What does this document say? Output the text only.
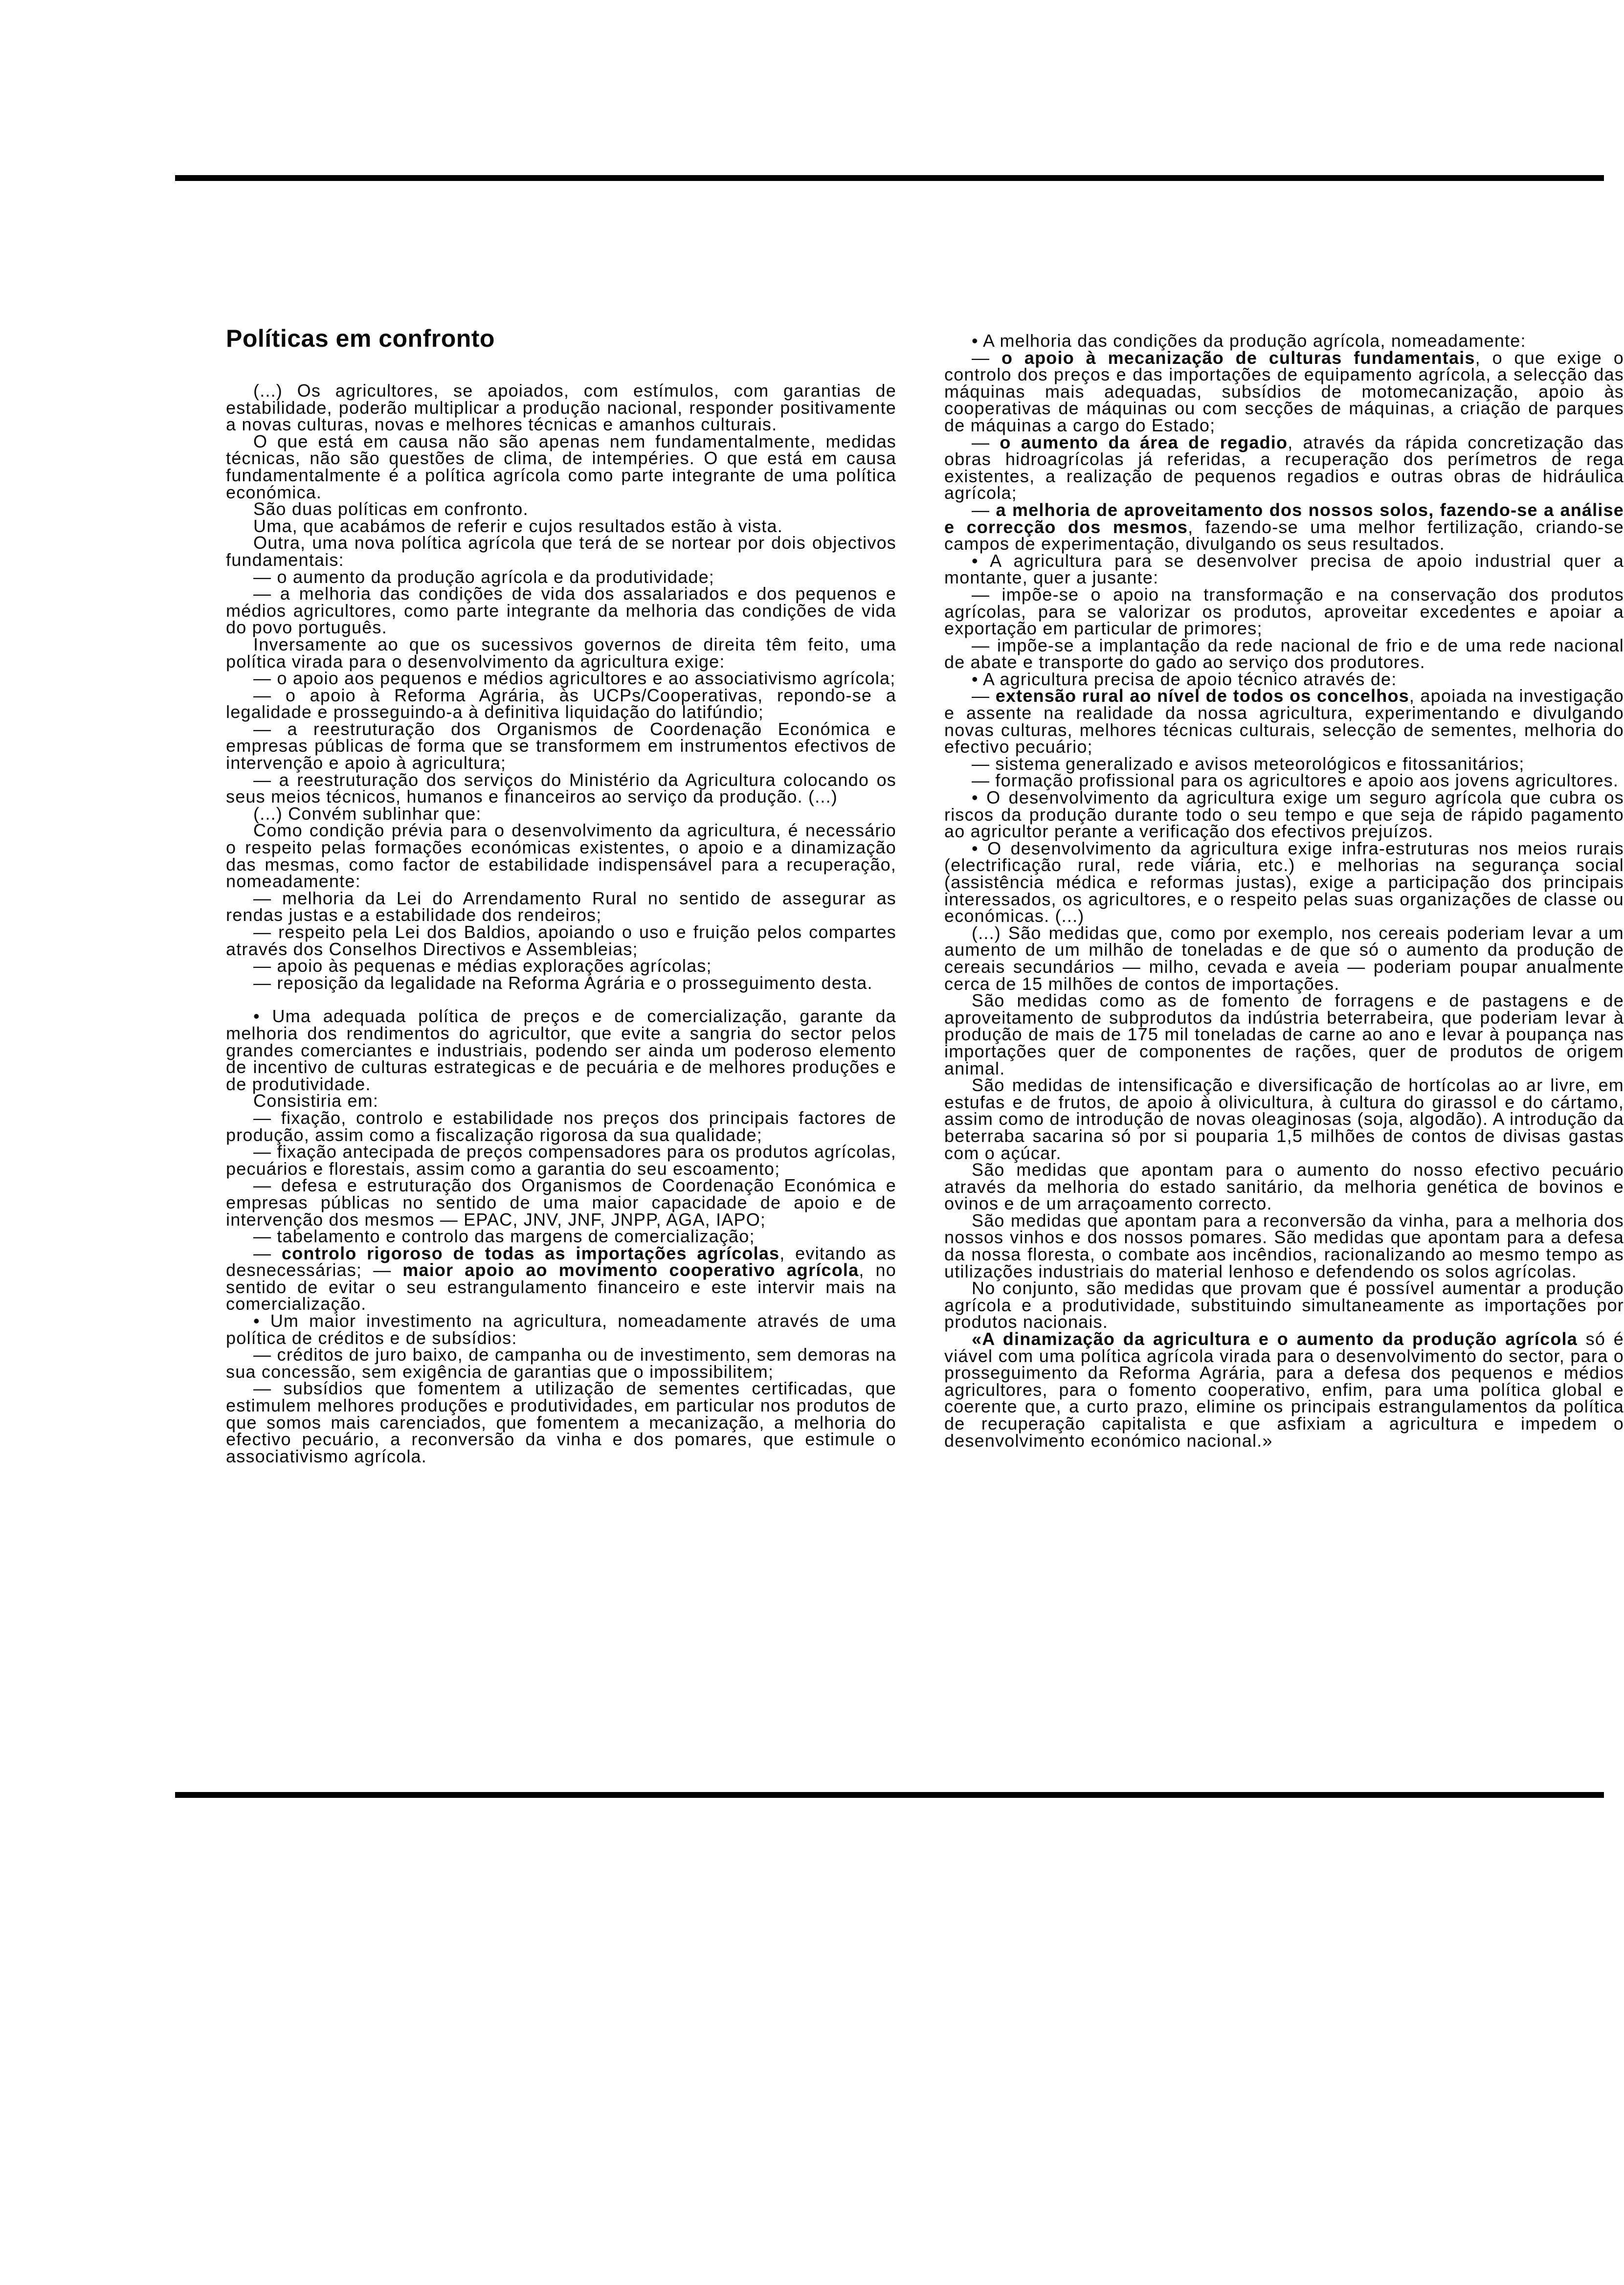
Políticas em confronto

(...) Os agricultores, se apoiados, com estímulos, com garantias de estabilidade, poderão multiplicar a produção nacional, responder positivamente a novas culturas, novas e melhores técnicas e amanhos culturais.

O que está em causa não são apenas nem fundamentalmente, medidas técnicas, não são questões de clima, de intempéries. O que está em causa fundamentalmente é a política agrícola como parte integrante de uma política económica.

São duas políticas em confronto.

Uma, que acabámos de referir e cujos resultados estão à vista.

Outra, uma nova política agrícola que terá de se nortear por dois objectivos fundamentais:

— o aumento da produção agrícola e da produtividade;

— a melhoria das condições de vida dos assalariados e dos pequenos e médios agricultores, como parte integrante da melhoria das condições de vida do povo português.

Inversamente ao que os sucessivos governos de direita têm feito, uma política virada para o desenvolvimento da agricultura exige:

— o apoio aos pequenos e médios agricultores e ao associativismo agrícola;

— o apoio à Reforma Agrária, às UCPs/Cooperativas, repondo-se a legalidade e prosseguindo-a à definitiva liquidação do latifúndio;

— a reestruturação dos Organismos de Coordenação Económica e empresas públicas de forma que se transformem em instrumentos efectivos de intervenção e apoio à agricultura;

— a reestruturação dos serviços do Ministério da Agricultura colocando os seus meios técnicos, humanos e financeiros ao serviço da produção. (...)

(...) Convém sublinhar que:

Como condição prévia para o desenvolvimento da agricultura, é necessário o respeito pelas formações económicas existentes, o apoio e a dinamização das mesmas, como factor de estabilidade indispensável para a recuperação, nomeadamente:

— melhoria da Lei do Arrendamento Rural no sentido de assegurar as rendas justas e a estabilidade dos rendeiros;

— respeito pela Lei dos Baldios, apoiando o uso e fruição pelos compartes através dos Conselhos Directivos e Assembleias;

— apoio às pequenas e médias explorações agrícolas;

— reposição da legalidade na Reforma Agrária e o prosseguimento desta.

• Uma adequada política de preços e de comercialização, garante da melhoria dos rendimentos do agricultor, que evite a sangria do sector pelos grandes comerciantes e industriais, podendo ser ainda um poderoso elemento de incentivo de culturas estrategicas e de pecuária e de melhores produções e de produtividade.

Consistiria em:

— fixação, controlo e estabilidade nos preços dos principais factores de produção, assim como a fiscalização rigorosa da sua qualidade;

— fixação antecipada de preços compensadores para os produtos agrícolas, pecuários e florestais, assim como a garantia do seu escoamento;

— defesa e estruturação dos Organismos de Coordenação Económica e empresas públicas no sentido de uma maior capacidade de apoio e de intervenção dos mesmos — EPAC, JNV, JNF, JNPP, AGA, IAPO;

— tabelamento e controlo das margens de comercialização;

— controlo rigoroso de todas as importações agrícolas, evitando as desnecessárias; — maior apoio ao movimento cooperativo agrícola, no sentido de evitar o seu estrangulamento financeiro e este intervir mais na comercialização.

• Um maior investimento na agricultura, nomeadamente através de uma política de créditos e de subsídios:

— créditos de juro baixo, de campanha ou de investimento, sem demoras na sua concessão, sem exigência de garantias que o impossibilitem;

— subsídios que fomentem a utilização de sementes certificadas, que estimulem melhores produções e produtividades, em particular nos produtos de que somos mais carenciados, que fomentem a mecanização, a melhoria do efectivo pecuário, a reconversão da vinha e dos pomares, que estimule o associativismo agrícola.

• A melhoria das condições da produção agrícola, nomeadamente:

— o apoio à mecanização de culturas fundamentais, o que exige o controlo dos preços e das importações de equipamento agrícola, a selecção das máquinas mais adequadas, subsídios de motomecanização, apoio às cooperativas de máquinas ou com secções de máquinas, a criação de parques de máquinas a cargo do Estado;

— o aumento da área de regadio, através da rápida concretização das obras hidroagrícolas já referidas, a recuperação dos perímetros de rega existentes, a realização de pequenos regadios e outras obras de hidráulica agrícola;

— a melhoria de aproveitamento dos nossos solos, fazendo-se a análise e correcção dos mesmos, fazendo-se uma melhor fertilização, criando-se campos de experimentação, divulgando os seus resultados.

• A agricultura para se desenvolver precisa de apoio industrial quer a montante, quer a jusante:

— impõe-se o apoio na transformação e na conservação dos produtos agrícolas, para se valorizar os produtos, aproveitar excedentes e apoiar a exportação em particular de primores;

— impõe-se a implantação da rede nacional de frio e de uma rede nacional de abate e transporte do gado ao serviço dos produtores.

• A agricultura precisa de apoio técnico através de:

— extensão rural ao nível de todos os concelhos, apoiada na investigação e assente na realidade da nossa agricultura, experimentando e divulgando novas culturas, melhores técnicas culturais, selecção de sementes, melhoria do efectivo pecuário;

— sistema generalizado e avisos meteorológicos e fitossanitários;

— formação profissional para os agricultores e apoio aos jovens agricultores.

• O desenvolvimento da agricultura exige um seguro agrícola que cubra os riscos da produção durante todo o seu tempo e que seja de rápido pagamento ao agricultor perante a verificação dos efectivos prejuízos.

• O desenvolvimento da agricultura exige infra-estruturas nos meios rurais (electrificação rural, rede viária, etc.) e melhorias na segurança social (assistência médica e reformas justas), exige a participação dos principais interessados, os agricultores, e o respeito pelas suas organizações de classe ou económicas. (...)

(...) São medidas que, como por exemplo, nos cereais poderiam levar a um aumento de um milhão de toneladas e de que só o aumento da produção de cereais secundários — milho, cevada e aveia — poderiam poupar anualmente cerca de 15 milhões de contos de importações.

São medidas como as de fomento de forragens e de pastagens e de aproveitamento de subprodutos da indústria beterrabeira, que poderiam levar à produção de mais de 175 mil toneladas de carne ao ano e levar à poupança nas importações quer de componentes de rações, quer de produtos de origem animal.

São medidas de intensificação e diversificação de hortícolas ao ar livre, em estufas e de frutos, de apoio à olivicultura, à cultura do girassol e do cártamo, assim como de introdução de novas oleaginosas (soja, algodão). A introdução da beterraba sacarina só por si pouparia 1,5 milhões de contos de divisas gastas com o açúcar.

São medidas que apontam para o aumento do nosso efectivo pecuário através da melhoria do estado sanitário, da melhoria genética de bovinos e ovinos e de um arraçoamento correcto.

São medidas que apontam para a reconversão da vinha, para a melhoria dos nossos vinhos e dos nossos pomares. São medidas que apontam para a defesa da nossa floresta, o combate aos incêndios, racionalizando ao mesmo tempo as utilizações industriais do material lenhoso e defendendo os solos agrícolas.

No conjunto, são medidas que provam que é possível aumentar a produção agrícola e a produtividade, substituindo simultaneamente as importações por produtos nacionais.

«A dinamização da agricultura e o aumento da produção agrícola só é viável com uma política agrícola virada para o desenvolvimento do sector, para o prosseguimento da Reforma Agrária, para a defesa dos pequenos e médios agricultores, para o fomento cooperativo, enfim, para uma política global e coerente que, a curto prazo, elimine os principais estrangulamentos da política de recuperação capitalista e que asfixiam a agricultura e impedem o desenvolvimento económico nacional.»
